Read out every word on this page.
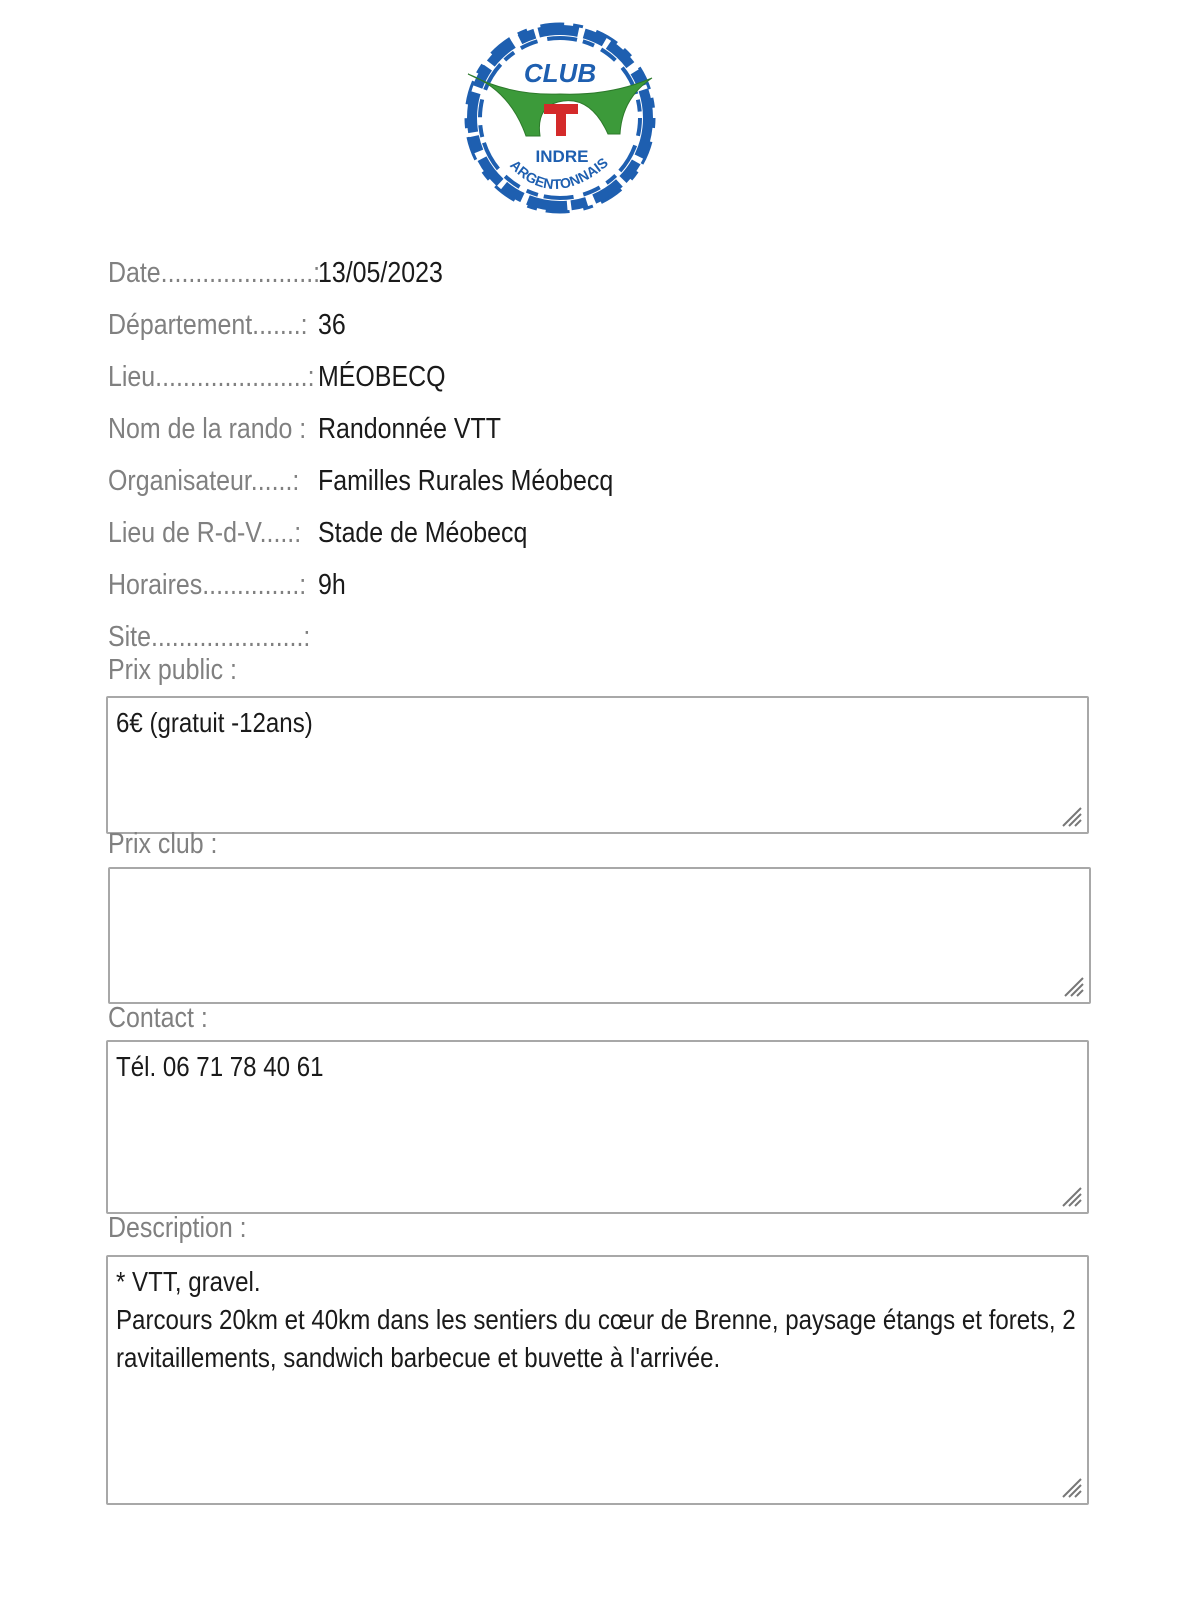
CLUB
INDRE
ARGENTONNAIS
Date......................:
13/05/2023
Département.......: 36
Lieu......................: MÉOBECQ
Nom de la rando : Randonnée VTT
Organisateur......: Familles Rurales Méobecq
Lieu de R-d-V.....: Stade de Méobecq
Horaires..............: 9h
Site......................:
Prix public :
6€ (gratuit -12ans)
Prix club :
Contact :
Tél. 06 71 78 40 61
Description :
* VTT, gravel.
Parcours 20km et 40km dans les sentiers du cœur de Brenne, paysage étangs et forets, 2 ravitaillements, sandwich barbecue et buvette à l'arrivée.
